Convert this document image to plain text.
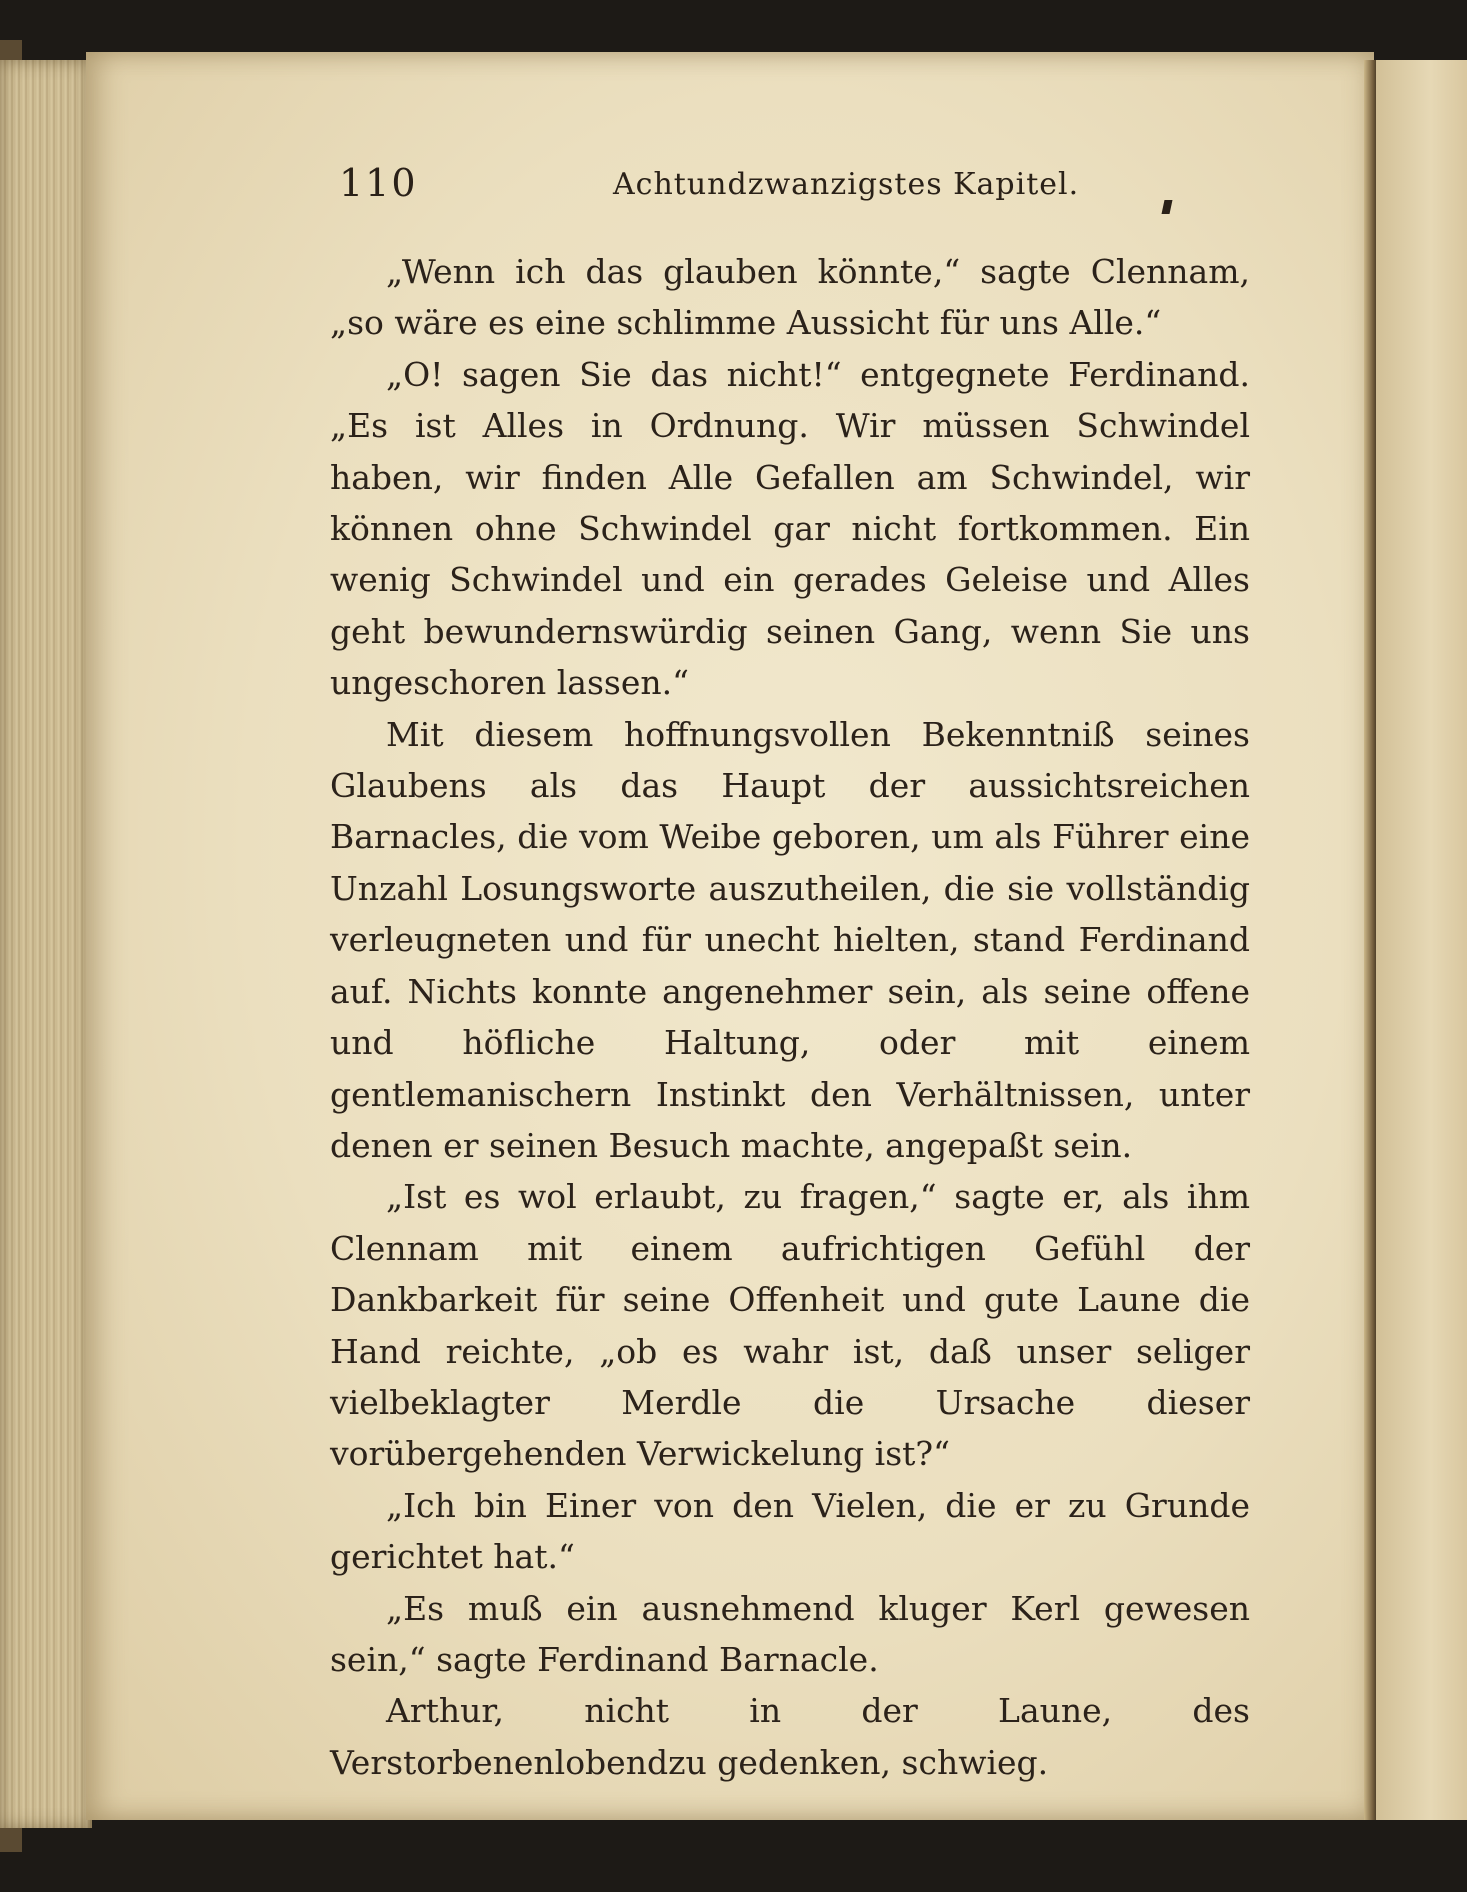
110	Achtundzwanzigstes Kapitel.

„Wenn ich das glauben könnte,“ sagte Clennam, „so wäre es eine schlimme Aussicht für uns Alle.“

„O! sagen Sie das nicht!“ entgegnete Ferdinand. „Es ist Alles in Ordnung. Wir müssen Schwindel haben, wir finden Alle Gefallen am Schwindel, wir können ohne Schwindel gar nicht fortkommen. Ein wenig Schwindel und ein gerades Geleise und Alles geht bewundernswürdig seinen Gang, wenn Sie uns ungeschoren lassen.“

Mit diesem hoffnungsvollen Bekenntniß seines Glaubens als das Haupt der aussichtsreichen Barnacles, die vom Weibe geboren, um als Führer eine Unzahl Losungsworte auszutheilen, die sie vollständig verleugneten und für unecht hielten, stand Ferdinand auf. Nichts konnte angenehmer sein, als seine offene und höfliche Haltung, oder mit einem gentlemanischern Instinkt den Verhältnissen, unter denen er seinen Besuch machte, angepaßt sein.

„Ist es wol erlaubt, zu fragen,“ sagte er, als ihm Clennam mit einem aufrichtigen Gefühl der Dankbarkeit für seine Offenheit und gute Laune die Hand reichte, „ob es wahr ist, daß unser seliger vielbeklagter Merdle die Ursache dieser vorübergehenden Verwickelung ist?“

„Ich bin Einer von den Vielen, die er zu Grunde gerichtet hat.“

„Es muß ein ausnehmend kluger Kerl gewesen sein,“ sagte Ferdinand Barnacle.

Arthur, nicht in der Laune, des Verstorbenenlobendzu gedenken, schwieg.
